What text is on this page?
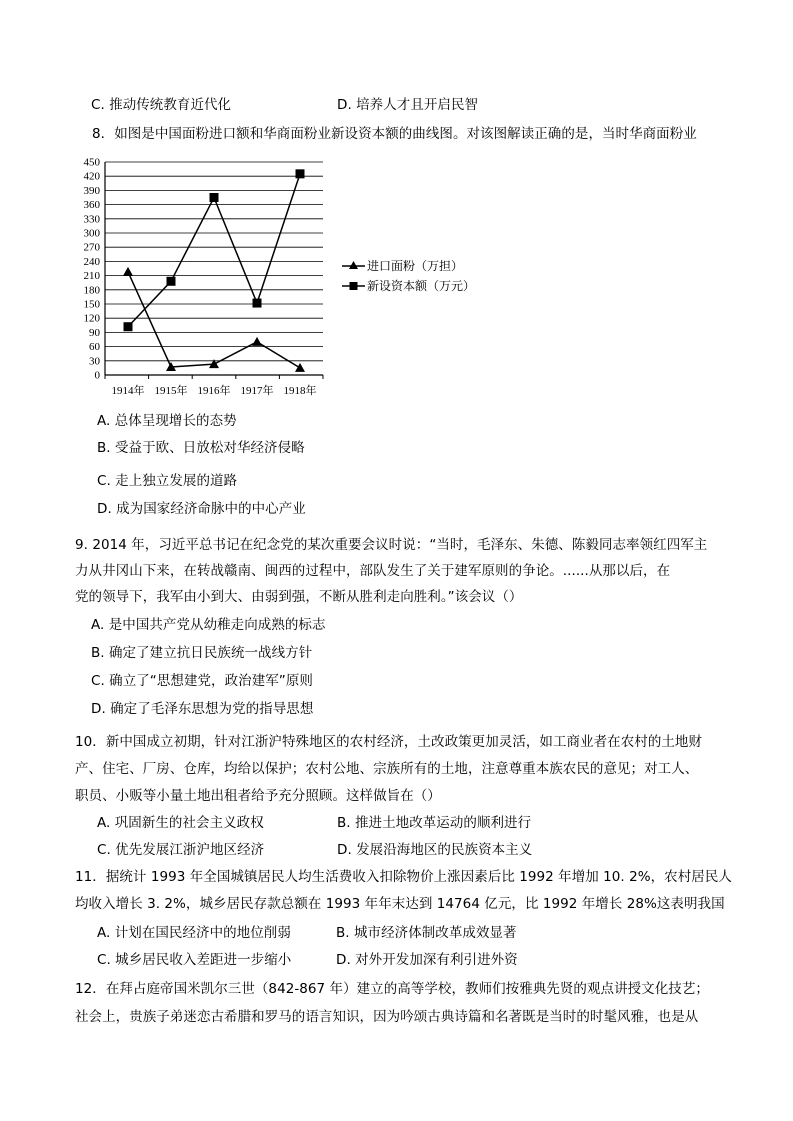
C. 推动传统教育近代化	D. 培养人才且开启民智
8．如图是中国面粉进口额和华商面粉业新设资本额的曲线图。对该图解读正确的是，当时华商面粉业
0
30
60
90
120
150
180
210
240
270
300
330
360
390
420
450
1914年 1915年 1916年 1917年 1918年
进口面粉（万担）
新设资本额（万元）
A. 总体呈现增长的态势
B. 受益于欧、日放松对华经济侵略
C. 走上独立发展的道路
D. 成为国家经济命脉中的中心产业
9. 2014 年，习近平总书记在纪念党的某次重要会议时说：“当时，毛泽东、朱德、陈毅同志率领红四军主
力从井冈山下来，在转战赣南、闽西的过程中，部队发生了关于建军原则的争论。......从那以后，在
党的领导下，我军由小到大、由弱到强，不断从胜利走向胜利。”该会议（）
A. 是中国共产党从幼稚走向成熟的标志
B. 确定了建立抗日民族统一战线方针
C. 确立了“思想建党，政治建军”原则
D. 确定了毛泽东思想为党的指导思想
10．新中国成立初期，针对江浙沪特殊地区的农村经济，土改政策更加灵活，如工商业者在农村的土地财
产、住宅、厂房、仓库，均给以保护；农村公地、宗族所有的土地，注意尊重本族农民的意见；对工人、
职员、小贩等小量土地出租者给予充分照顾。这样做旨在（）
A. 巩固新生的社会主义政权	B. 推进土地改革运动的顺利进行
C. 优先发展江浙沪地区经济	D. 发展沿海地区的民族资本主义
11．据统计 1993 年全国城镇居民人均生活费收入扣除物价上涨因素后比 1992 年增加 10. 2%，农村居民人
均收入增长 3. 2%，城乡居民存款总额在 1993 年年末达到 14764 亿元，比 1992 年增长 28%这表明我国
A. 计划在国民经济中的地位削弱	B. 城市经济体制改革成效显著
C. 城乡居民收入差距进一步缩小	D. 对外开发加深有利引进外资
12．在拜占庭帝国米凯尔三世（842-867 年）建立的高等学校，教师们按雅典先贤的观点讲授文化技艺；
社会上，贵族子弟迷恋古希腊和罗马的语言知识，因为吟颂古典诗篇和名著既是当时的时髦风雅，也是从
